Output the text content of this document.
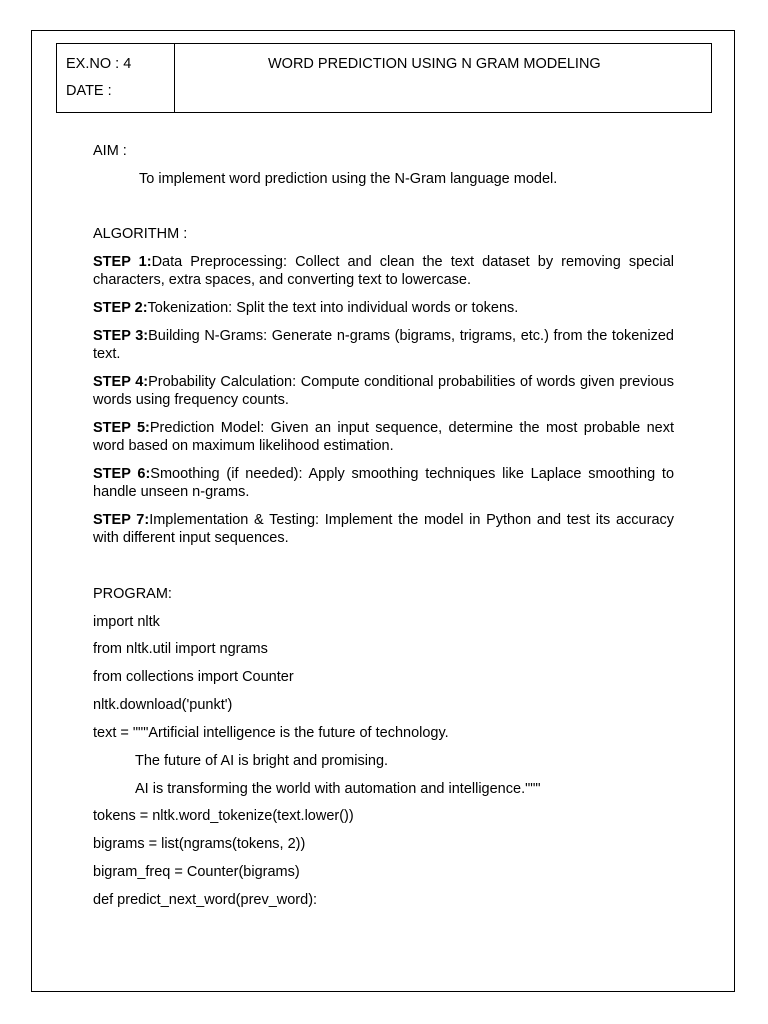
EX.NO : 4
DATE :
WORD PREDICTION USING N GRAM MODELING
AIM :
To implement word prediction using the N-Gram language model.
ALGORITHM :
STEP 1:Data Preprocessing: Collect and clean the text dataset by removing special characters, extra spaces, and converting text to lowercase.
STEP 2:Tokenization: Split the text into individual words or tokens.
STEP 3:Building N-Grams: Generate n-grams (bigrams, trigrams, etc.) from the tokenized text.
STEP 4:Probability Calculation: Compute conditional probabilities of words given previous words using frequency counts.
STEP 5:Prediction Model: Given an input sequence, determine the most probable next word based on maximum likelihood estimation.
STEP 6:Smoothing (if needed): Apply smoothing techniques like Laplace smoothing to handle unseen n-grams.
STEP 7:Implementation & Testing: Implement the model in Python and test its accuracy with different input sequences.
PROGRAM:
import nltk
from nltk.util import ngrams
from collections import Counter
nltk.download('punkt')
text = """Artificial intelligence is the future of technology.
The future of AI is bright and promising.
AI is transforming the world with automation and intelligence."""
tokens = nltk.word_tokenize(text.lower())
bigrams = list(ngrams(tokens, 2))
bigram_freq = Counter(bigrams)
def predict_next_word(prev_word):
